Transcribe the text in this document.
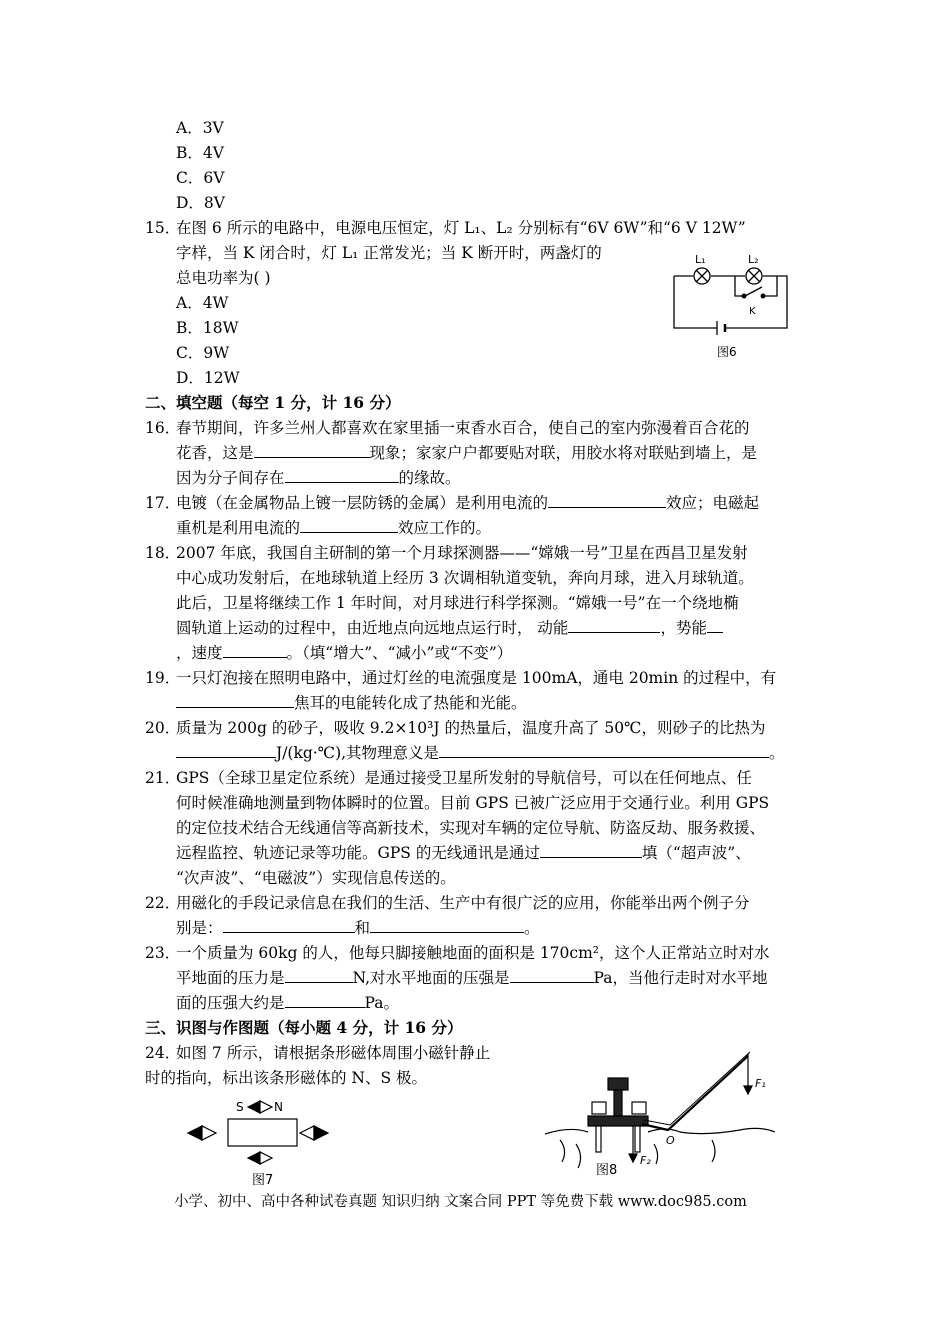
A．3V
B．4V
C．6V
D．8V
15．
在图 6 所示的电路中，电源电压恒定，灯 L₁、L₂ 分别标有“6V 6W”和“6 V 12W”
字样，当 K 闭合时，灯 L₁ 正常发光；当 K 断开时，两盏灯的
总电功率为( )
A．4W
B．18W
C．9W
D．12W
L₁	L₂
K
图6
二、填空题（每空 1 分，计 16 分）
16．
春节期间，许多兰州人都喜欢在家里插一束香水百合，使自己的室内弥漫着百合花的
花香，这是	现象；家家户户都要贴对联，用胶水将对联贴到墙上，是
因为分子间存在	的缘故。
17．
电镀（在金属物品上镀一层防锈的金属）是利用电流的	效应；电磁起
重机是利用电流的	效应工作的。
18．
2007 年底，我国自主研制的第一个月球探测器——“嫦娥一号”卫星在西昌卫星发射
中心成功发射后，在地球轨道上经历 3 次调相轨道变轨，奔向月球，进入月球轨道。
此后，卫星将继续工作 1 年时间，对月球进行科学探测。“嫦娥一号”在一个绕地椭
圆轨道上运动的过程中，由近地点向远地点运行时， 动能	，势能
，速度	。（填“增大”、“减小”或“不变”）
19．
一只灯泡接在照明电路中，通过灯丝的电流强度是 100mA，通电 20min 的过程中，有
焦耳的电能转化成了热能和光能。
20．
质量为 200g 的砂子，吸收 9.2×10³J 的热量后，温度升高了 50℃，则砂子的比热为
J/(kg·℃),其物理意义是	。
21．
GPS（全球卫星定位系统）是通过接受卫星所发射的导航信号，可以在任何地点、任
何时候准确地测量到物体瞬时的位置。目前 GPS 已被广泛应用于交通行业。利用 GPS
的定位技术结合无线通信等高新技术，实现对车辆的定位导航、防盗反劫、服务救援、
远程监控、轨迹记录等功能。GPS 的无线通讯是通过	填（“超声波”、
“次声波”、“电磁波”）实现信息传送的。
22．
用磁化的手段记录信息在我们的生活、生产中有很广泛的应用，你能举出两个例子分
别是：	和	。
23．
一个质量为 60kg 的人，他每只脚接触地面的面积是 170cm²，这个人正常站立时对水
平地面的压力是	N,对水平地面的压强是	Pa，当他行走时对水平地
面的压强大约是	Pa。
三、识图与作图题（每小题 4 分，计 16 分）
24．
如图 7 所示，请根据条形磁体周围小磁针静止
时的指向，标出该条形磁体的 N、S 极。
S	N
图7
F₁
F₂
O
图8
小学、初中、高中各种试卷真题 知识归纳 文案合同 PPT 等免费下载 www.doc985.com
